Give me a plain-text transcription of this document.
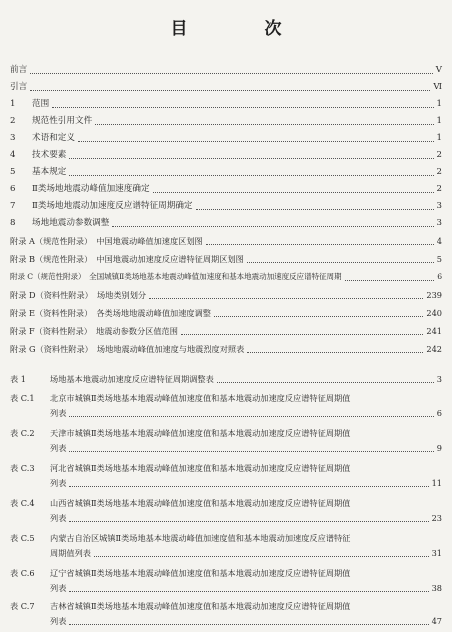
目　次
前言	V
引言	Ⅵ
1 范围	1
2 规范性引用文件	1
3 术语和定义	1
4 技术要素	2
5 基本规定	2
6 Ⅱ类场地地震动峰值加速度确定	2
7 Ⅱ类场地地震动加速度反应谱特征周期确定	3
8 场地地震动参数调整	3
附录 A（规范性附录）　中国地震动峰值加速度区划图	4
附录 B（规范性附录）　中国地震动加速度反应谱特征周期区划图	5
附录 C（规范性附录）　全国城镇Ⅱ类场地基本地震动峰值加速度和基本地震动加速度反应谱特征周期	6
附录 D（资料性附录）　场地类别划分	239
附录 E（资料性附录）　各类场地地震动峰值加速度调整	240
附录 F（资料性附录）　地震动参数分区值范围	241
附录 G（资料性附录）　场地地震动峰值加速度与地震烈度对照表	242
表 1	场地基本地震动加速度反应谱特征周期调整表	3
表 C.1 北京市城镇Ⅱ类场地基本地震动峰值加速度值和基本地震动加速度反应谱特征周期值
列表	6
表 C.2 天津市城镇Ⅱ类场地基本地震动峰值加速度值和基本地震动加速度反应谱特征周期值
列表	9
表 C.3 河北省城镇Ⅱ类场地基本地震动峰值加速度值和基本地震动加速度反应谱特征周期值
列表	11
表 C.4 山西省城镇Ⅱ类场地基本地震动峰值加速度值和基本地震动加速度反应谱特征周期值
列表	23
表 C.5 内蒙古自治区城镇Ⅱ类场地基本地震动峰值加速度值和基本地震动加速度反应谱特征
周期值列表	31
表 C.6 辽宁省城镇Ⅱ类场地基本地震动峰值加速度值和基本地震动加速度反应谱特征周期值
列表	38
表 C.7 吉林省城镇Ⅱ类场地基本地震动峰值加速度值和基本地震动加速度反应谱特征周期值
列表	47
